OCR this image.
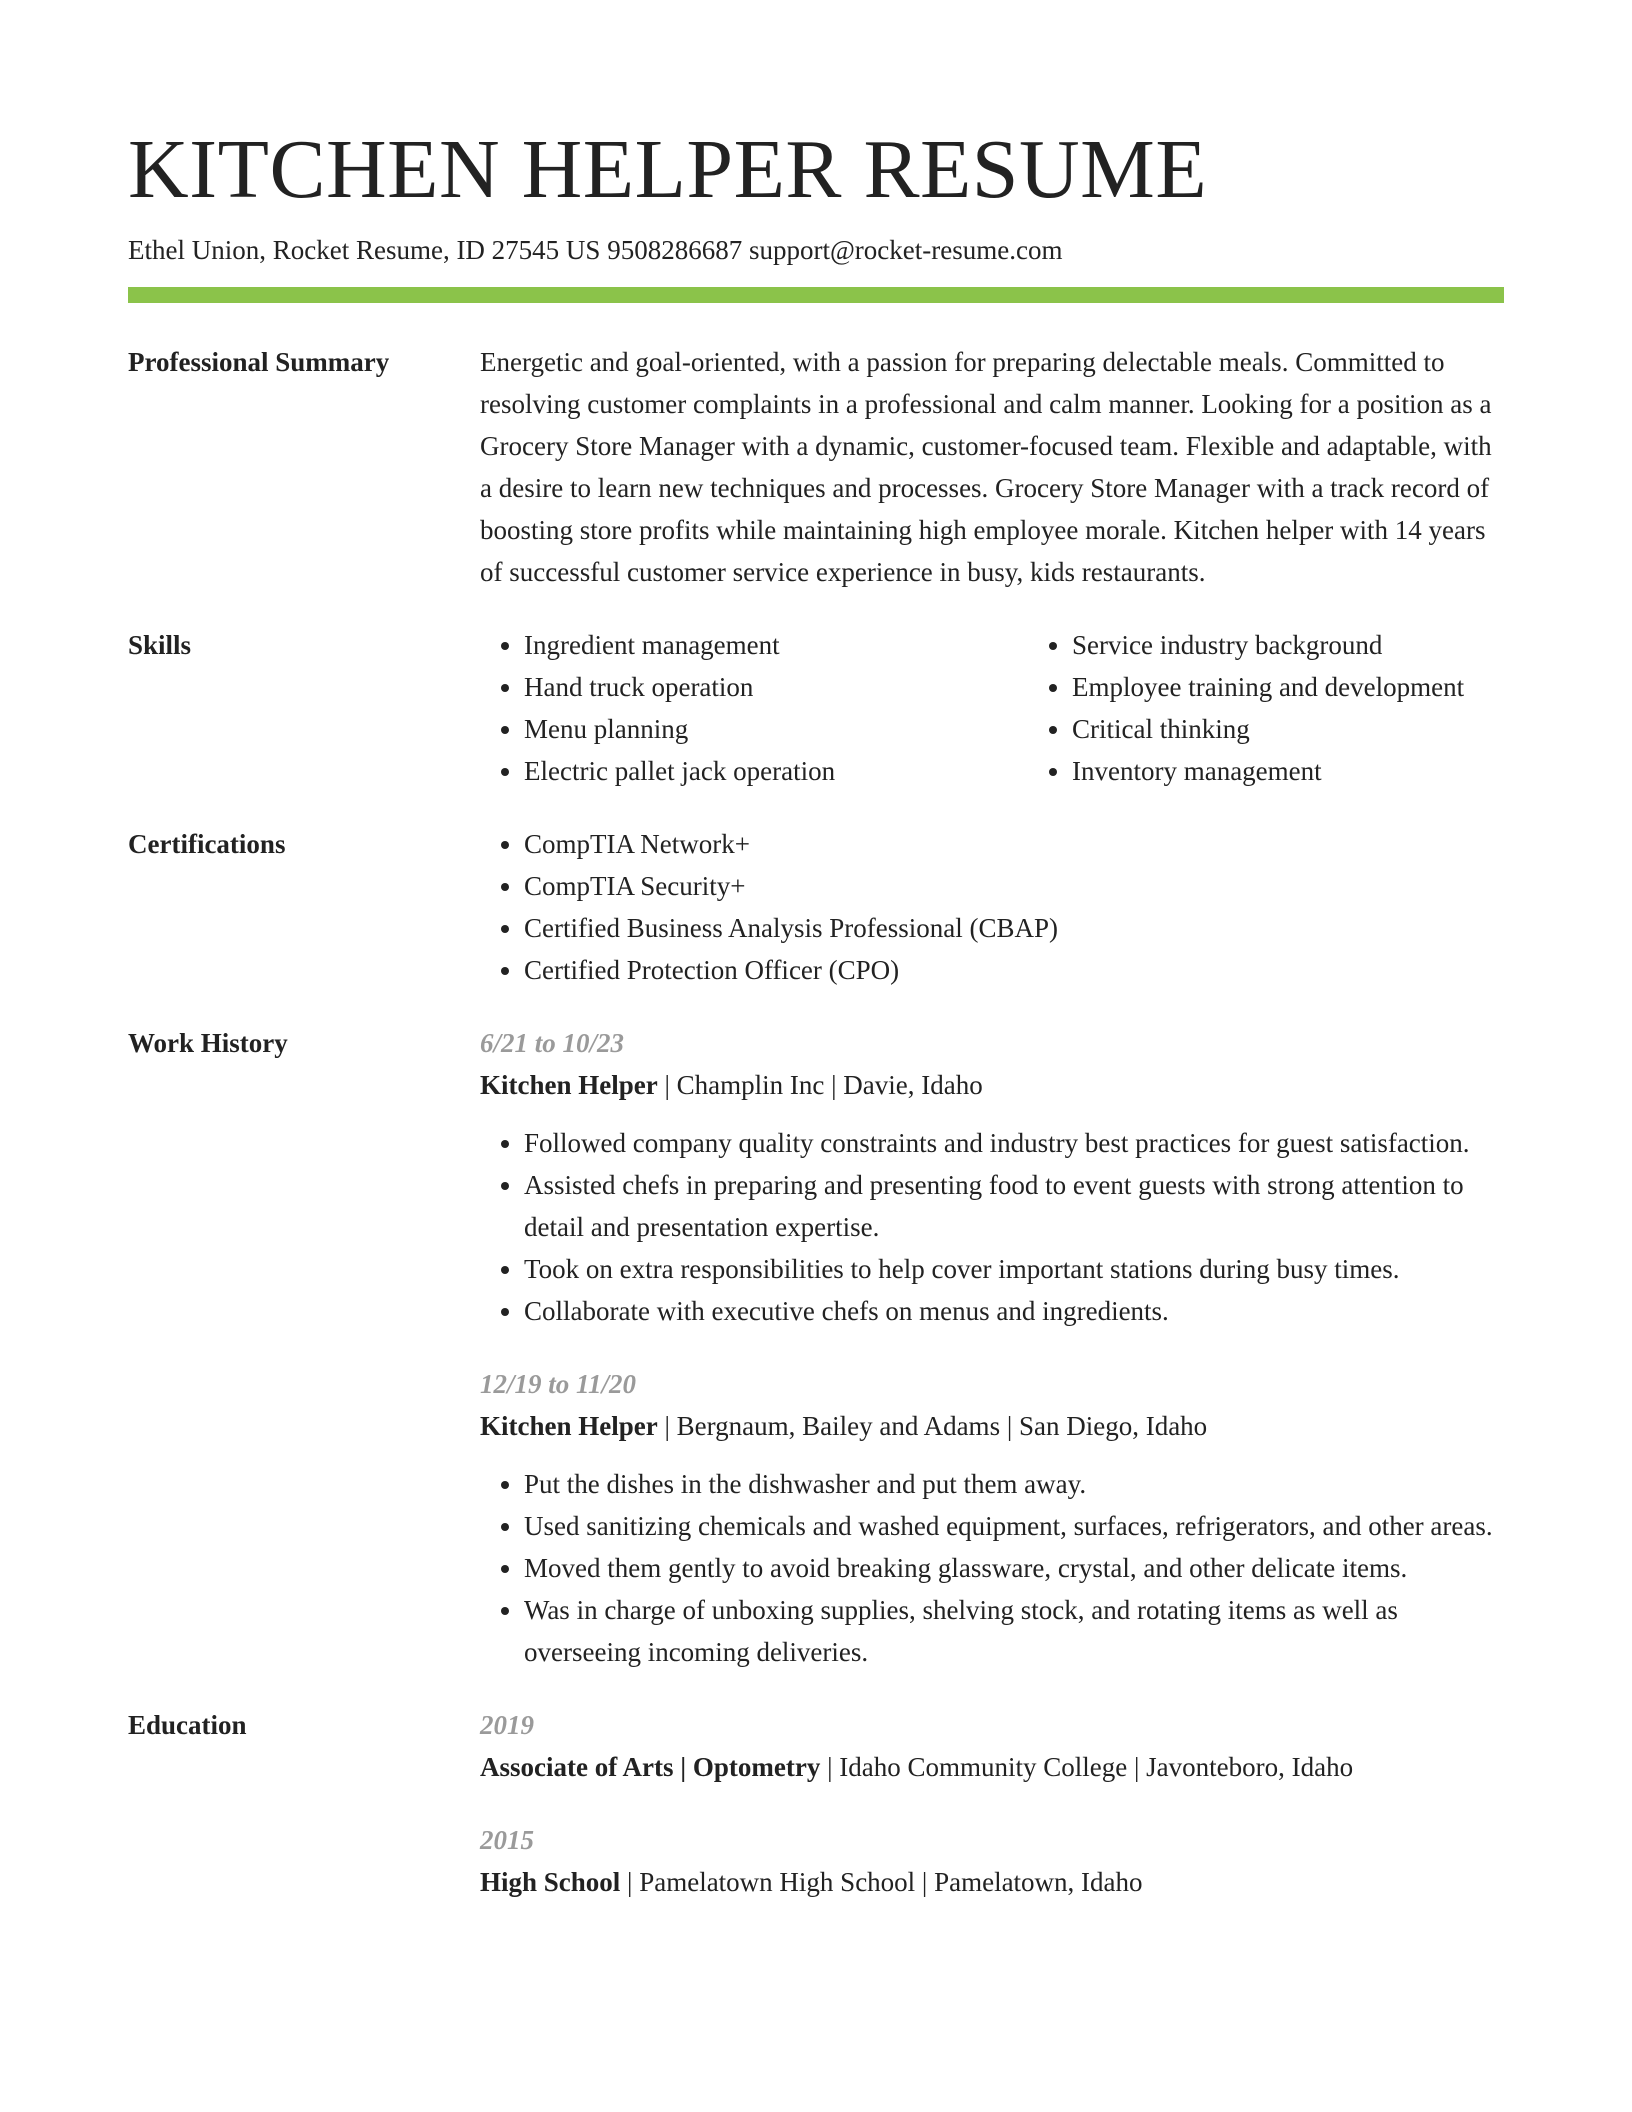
KITCHEN HELPER RESUME
Ethel Union, Rocket Resume, ID 27545 US 9508286687 support@rocket-resume.com
Professional Summary	Energetic and goal-oriented, with a passion for preparing delectable meals. Committed to resolving customer complaints in a professional and calm manner. Looking for a position as a Grocery Store Manager with a dynamic, customer-focused team. Flexible and adaptable, with a desire to learn new techniques and processes. Grocery Store Manager with a track record of boosting store profits while maintaining high employee morale. Kitchen helper with 14 years of successful customer service experience in busy, kids restaurants.

Skills	• Ingredient management
• Hand truck operation
• Menu planning
• Electric pallet jack operation
• Service industry background
• Employee training and development
• Critical thinking
• Inventory management
Certifications	• CompTIA Network+
• CompTIA Security+
• Certified Business Analysis Professional (CBAP)
• Certified Protection Officer (CPO)
Work History	6/21 to 10/23
Kitchen Helper | Champlin Inc | Davie, Idaho
• Followed company quality constraints and industry best practices for guest satisfaction.
• Assisted chefs in preparing and presenting food to event guests with strong attention to detail and presentation expertise.
• Took on extra responsibilities to help cover important stations during busy times.
• Collaborate with executive chefs on menus and ingredients.
12/19 to 11/20
Kitchen Helper | Bergnaum, Bailey and Adams | San Diego, Idaho
• Put the dishes in the dishwasher and put them away.
• Used sanitizing chemicals and washed equipment, surfaces, refrigerators, and other areas.
• Moved them gently to avoid breaking glassware, crystal, and other delicate items.
• Was in charge of unboxing supplies, shelving stock, and rotating items as well as overseeing incoming deliveries.
Education	2019
Associate of Arts | Optometry | Idaho Community College | Javonteboro, Idaho
2015
High School | Pamelatown High School | Pamelatown, Idaho
